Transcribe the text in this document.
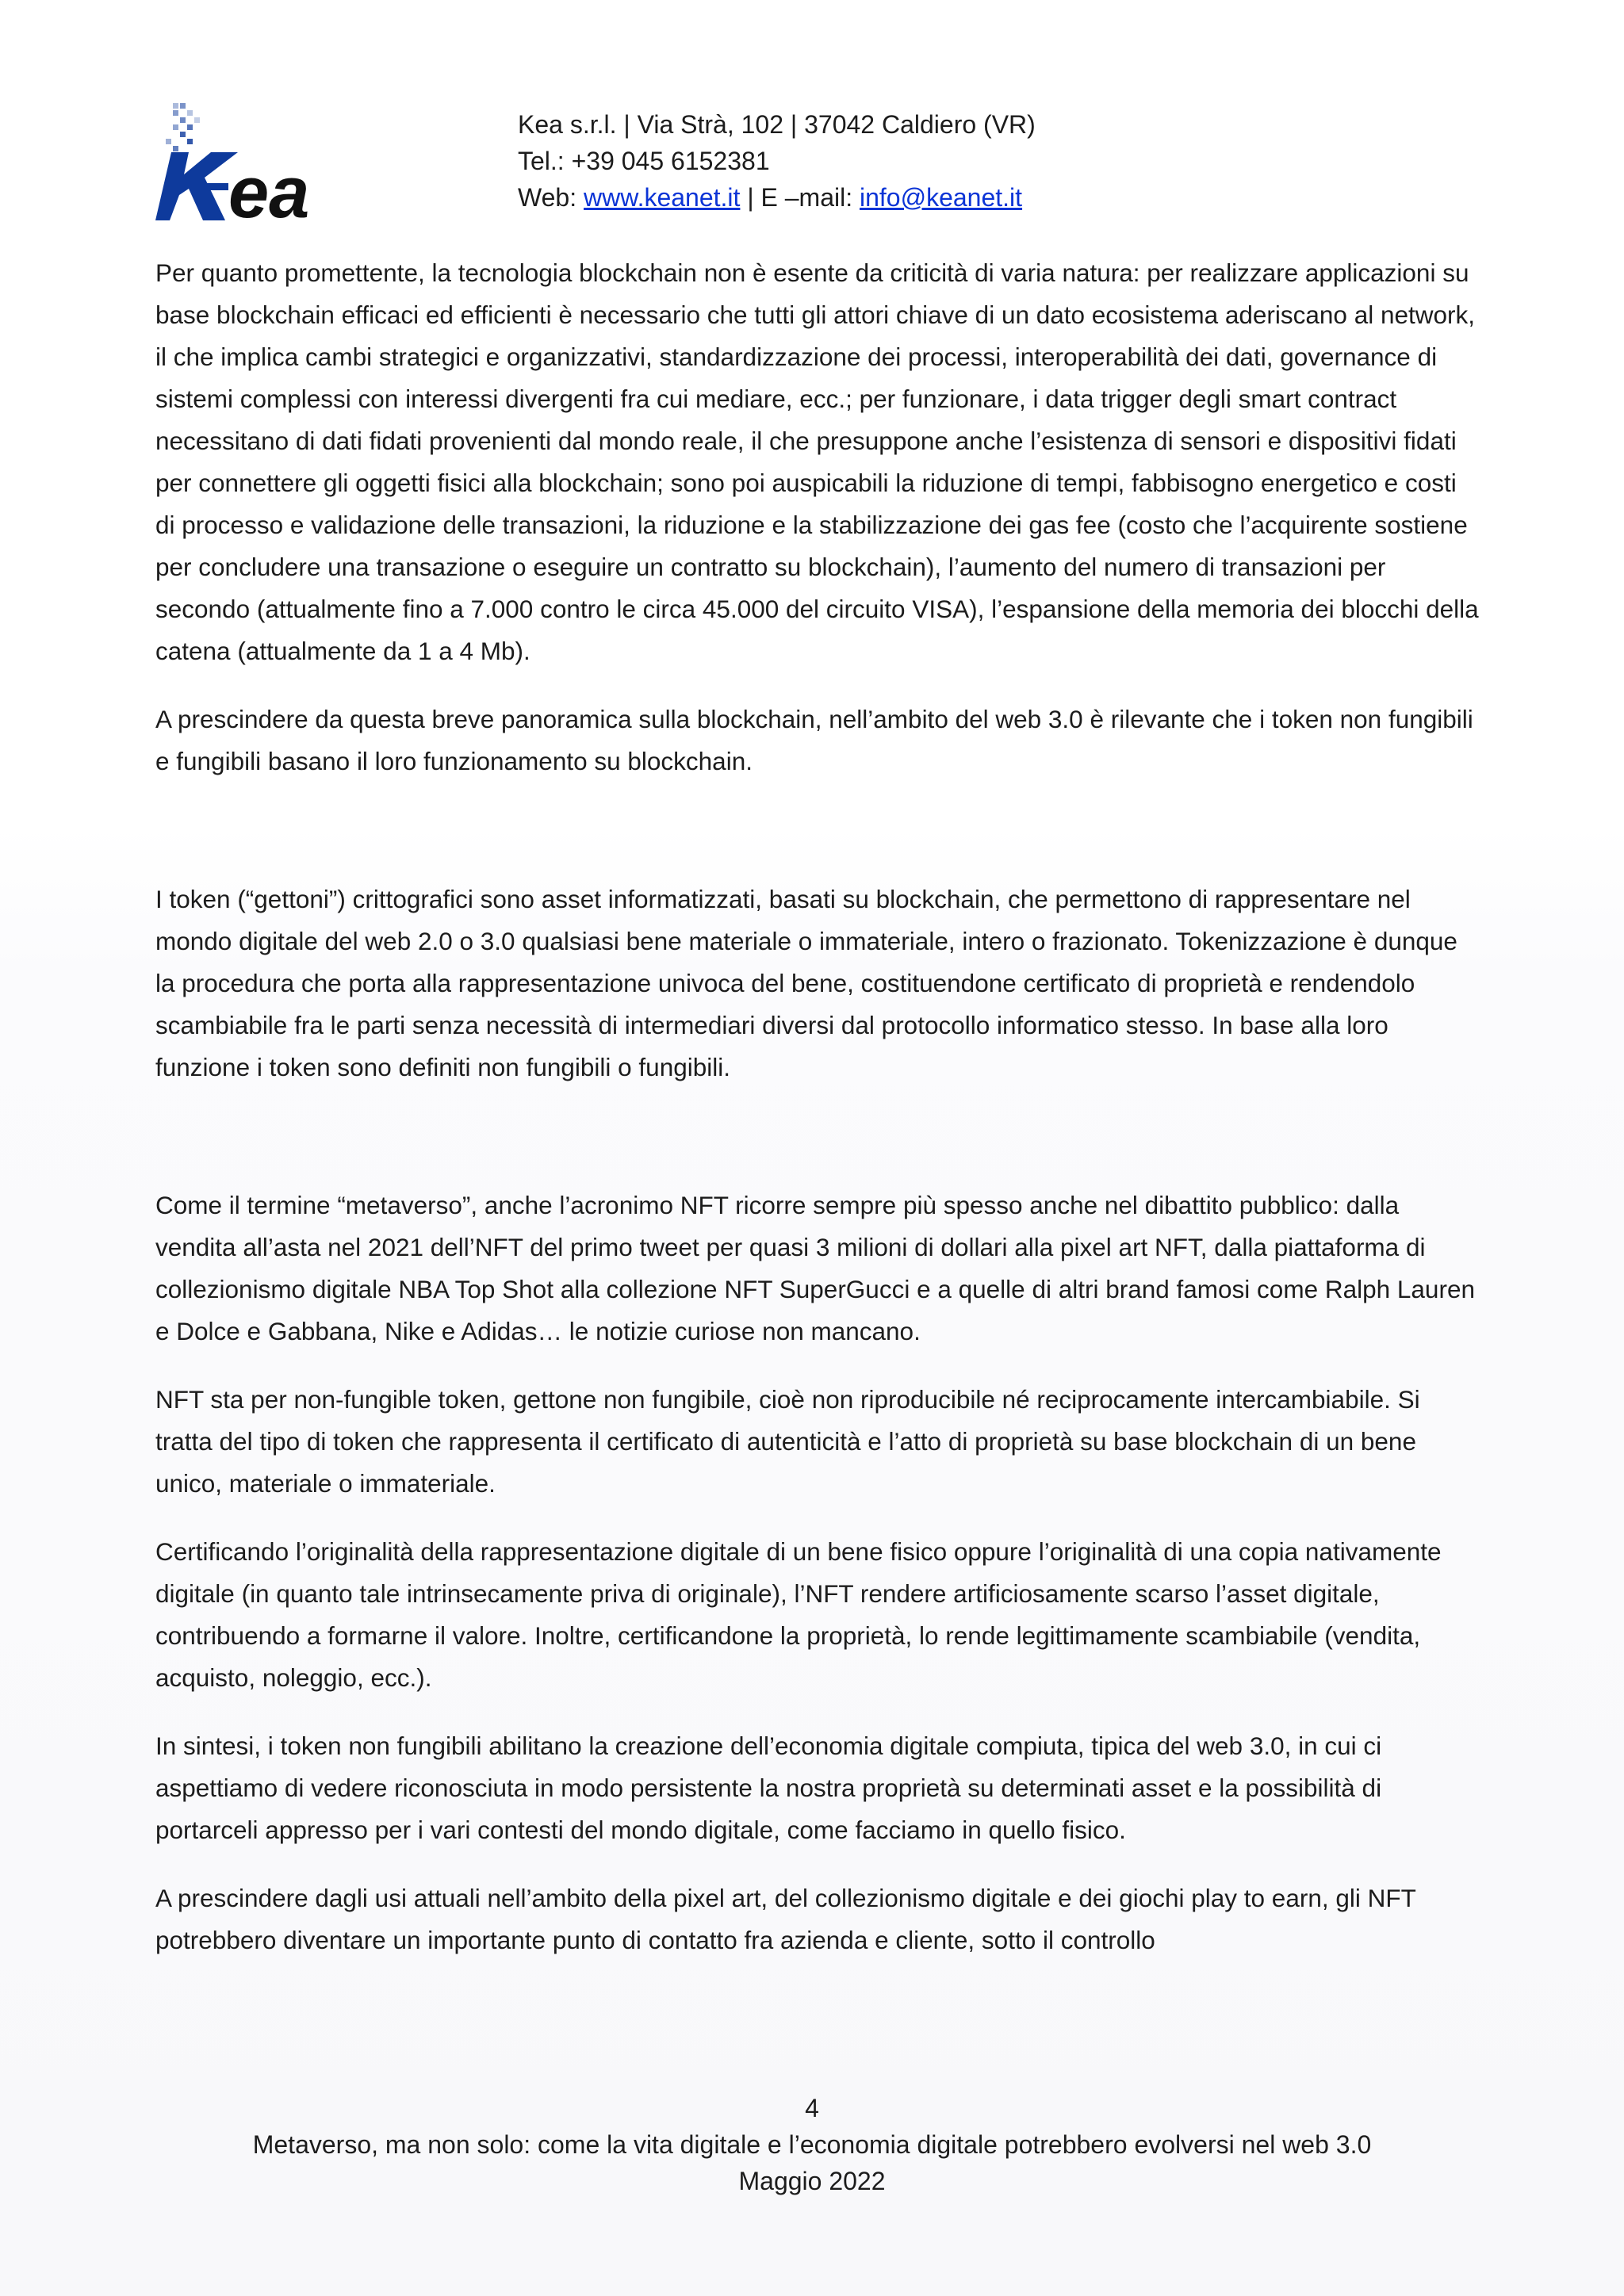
ea
Kea s.r.l. | Via Strà, 102 | 37042 Caldiero (VR)
Tel.: +39 045 6152381
Web: www.keanet.it | E –mail: info@keanet.it

Per quanto promettente, la tecnologia blockchain non è esente da criticità di varia natura: per realizzare applicazioni su base blockchain efficaci ed efficienti è necessario che tutti gli attori chiave di un dato ecosistema aderiscano al network, il che implica cambi strategici e organizzativi, standardizzazione dei processi, interoperabilità dei dati, governance di sistemi complessi con interessi divergenti fra cui mediare, ecc.; per funzionare, i data trigger degli smart contract necessitano di dati fidati provenienti dal mondo reale, il che presuppone anche l’esistenza di sensori e dispositivi fidati per connettere gli oggetti fisici alla blockchain; sono poi auspicabili la riduzione di tempi, fabbisogno energetico e costi di processo e validazione delle transazioni, la riduzione e la stabilizzazione dei gas fee (costo che l’acquirente sostiene per concludere una transazione o eseguire un contratto su blockchain), l’aumento del numero di transazioni per secondo (attualmente fino a 7.000 contro le circa 45.000 del circuito VISA), l’espansione della memoria dei blocchi della catena (attualmente da 1 a 4 Mb).

A prescindere da questa breve panoramica sulla blockchain, nell’ambito del web 3.0 è rilevante che i token non fungibili e fungibili basano il loro funzionamento su blockchain.

I token (“gettoni”) crittografici sono asset informatizzati, basati su blockchain, che permettono di rappresentare nel mondo digitale del web 2.0 o 3.0 qualsiasi bene materiale o immateriale, intero o frazionato. Tokenizzazione è dunque la procedura che porta alla rappresentazione univoca del bene, costituendone certificato di proprietà e rendendolo scambiabile fra le parti senza necessità di intermediari diversi dal protocollo informatico stesso. In base alla loro funzione i token sono definiti non fungibili o fungibili.

Come il termine “metaverso”, anche l’acronimo NFT ricorre sempre più spesso anche nel dibattito pubblico: dalla vendita all’asta nel 2021 dell’NFT del primo tweet per quasi 3 milioni di dollari alla pixel art NFT, dalla piattaforma di collezionismo digitale NBA Top Shot alla collezione NFT SuperGucci e a quelle di altri brand famosi come Ralph Lauren e Dolce e Gabbana, Nike e Adidas… le notizie curiose non mancano.

NFT sta per non-fungible token, gettone non fungibile, cioè non riproducibile né reciprocamente intercambiabile. Si tratta del tipo di token che rappresenta il certificato di autenticità e l’atto di proprietà su base blockchain di un bene unico, materiale o immateriale.

Certificando l’originalità della rappresentazione digitale di un bene fisico oppure l’originalità di una copia nativamente digitale (in quanto tale intrinsecamente priva di originale), l’NFT rendere artificiosamente scarso l’asset digitale, contribuendo a formarne il valore. Inoltre, certificandone la proprietà, lo rende legittimamente scambiabile (vendita, acquisto, noleggio, ecc.).

In sintesi, i token non fungibili abilitano la creazione dell’economia digitale compiuta, tipica del web 3.0, in cui ci aspettiamo di vedere riconosciuta in modo persistente la nostra proprietà su determinati asset e la possibilità di portarceli appresso per i vari contesti del mondo digitale, come facciamo in quello fisico.

A prescindere dagli usi attuali nell’ambito della pixel art, del collezionismo digitale e dei giochi play to earn, gli NFT potrebbero diventare un importante punto di contatto fra azienda e cliente, sotto il controllo

4
Metaverso, ma non solo: come la vita digitale e l’economia digitale potrebbero evolversi nel web 3.0
Maggio 2022
